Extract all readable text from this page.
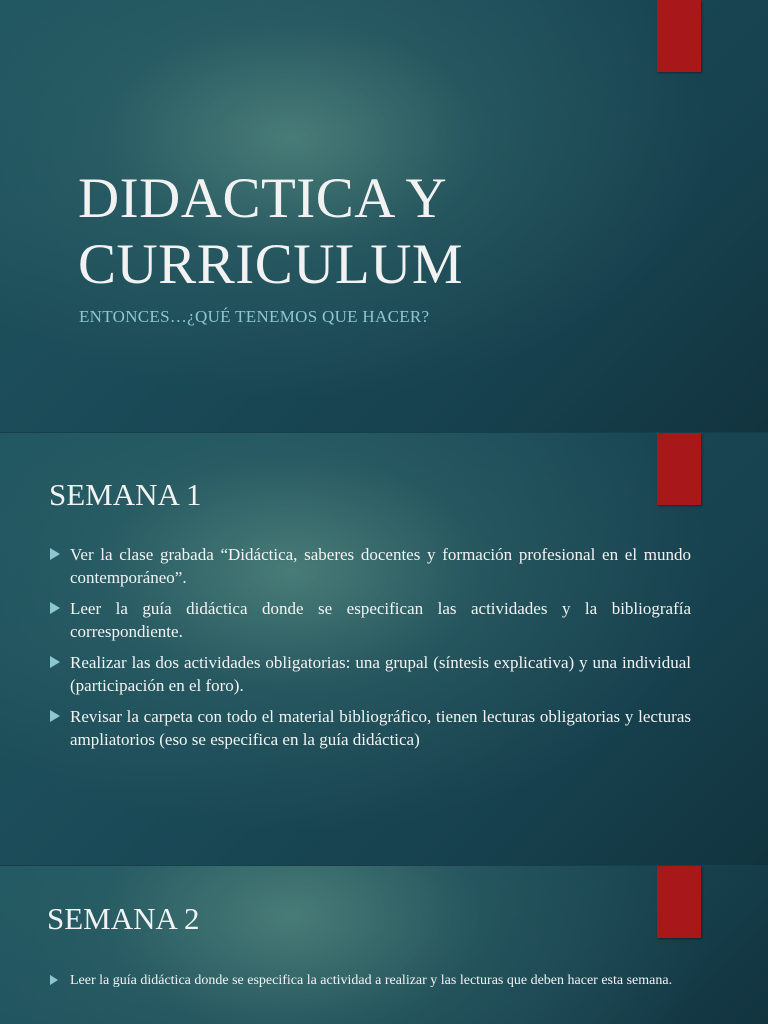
DIDACTICA Y
CURRICULUM
ENTONCES…¿QUÉ TENEMOS QUE HACER?
SEMANA 1
Ver la clase grabada “Didáctica, saberes docentes y formación profesional en el mundo contemporáneo”.
Leer la guía didáctica donde se especifican las actividades y la bibliografía correspondiente.
Realizar las dos actividades obligatorias: una grupal (síntesis explicativa) y una individual (participación en el foro).
Revisar la carpeta con todo el material bibliográfico, tienen lecturas obligatorias y lecturas ampliatorios (eso se especifica en la guía didáctica)
SEMANA 2
Leer la guía didáctica donde se especifica la actividad a realizar y las lecturas que deben hacer esta semana.
